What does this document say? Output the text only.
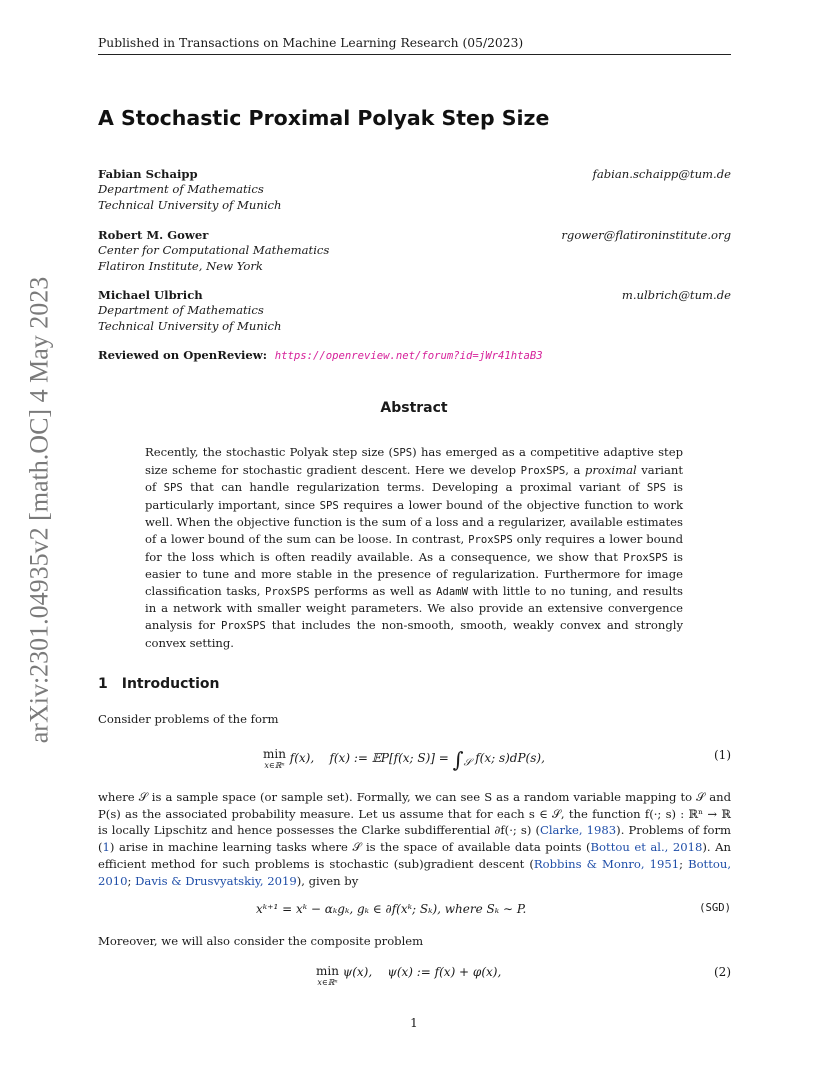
Published in Transactions on Machine Learning Research (05/2023)
arXiv:2301.04935v2 [math.OC] 4 May 2023
A Stochastic Proximal Polyak Step Size
Fabian Schaipp
Department of Mathematics
Technical University of Munich
fabian.schaipp@tum.de
Robert M. Gower
Center for Computational Mathematics
Flatiron Institute, New York
rgower@flatironinstitute.org
Michael Ulbrich
Department of Mathematics
Technical University of Munich
m.ulbrich@tum.de
Reviewed on OpenReview: https://openreview.net/forum?id=jWr41htaB3
Abstract

Recently, the stochastic Polyak step size (SPS) has emerged as a competitive adaptive step size scheme for stochastic gradient descent. Here we develop ProxSPS, a proximal variant of SPS that can handle regularization terms. Developing a proximal variant of SPS is particularly important, since SPS requires a lower bound of the objective function to work well. When the objective function is the sum of a loss and a regularizer, available estimates of a lower bound of the sum can be loose. In contrast, ProxSPS only requires a lower bound for the loss which is often readily available. As a consequence, we show that ProxSPS is easier to tune and more stable in the presence of regularization. Furthermore for image classification tasks, ProxSPS performs as well as AdamW with little to no tuning, and results in a network with smaller weight parameters. We also provide an extensive convergence analysis for ProxSPS that includes the non-smooth, smooth, weakly convex and strongly convex setting.

1 Introduction

Consider problems of the form

min
x∈ℝⁿ
f(x), f(x) := 𝔼P[f(x; $S)] = \int_𝒮$ f(x; s)dP(s),	(1)

where 𝒮 is a sample space (or sample set). Formally, we can see S as a random variable mapping to 𝒮 and P(s) as the associated probability measure. Let us assume that for each s ∈ 𝒮, the function f(·; s) : ℝⁿ → ℝ is locally Lipschitz and hence possesses the Clarke subdifferential ∂f(·; s) (Clarke, 1983). Problems of form (1) arise in machine learning tasks where 𝒮 is the space of available data points (Bottou et al., 2018). An efficient method for such problems is stochastic (sub)gradient descent (Robbins & Monro, 1951; Bottou, 2010; Davis & Drusvyatskiy, 2019), given by

xᵏ⁺¹ = xᵏ − αₖgₖ, gₖ ∈ ∂f(xᵏ; Sₖ), where Sₖ ∼ P.	(SGD)

Moreover, we will also consider the composite problem

min
x∈ℝⁿ
ψ(x), ψ(x) := f(x) + φ(x),	(2)
1
